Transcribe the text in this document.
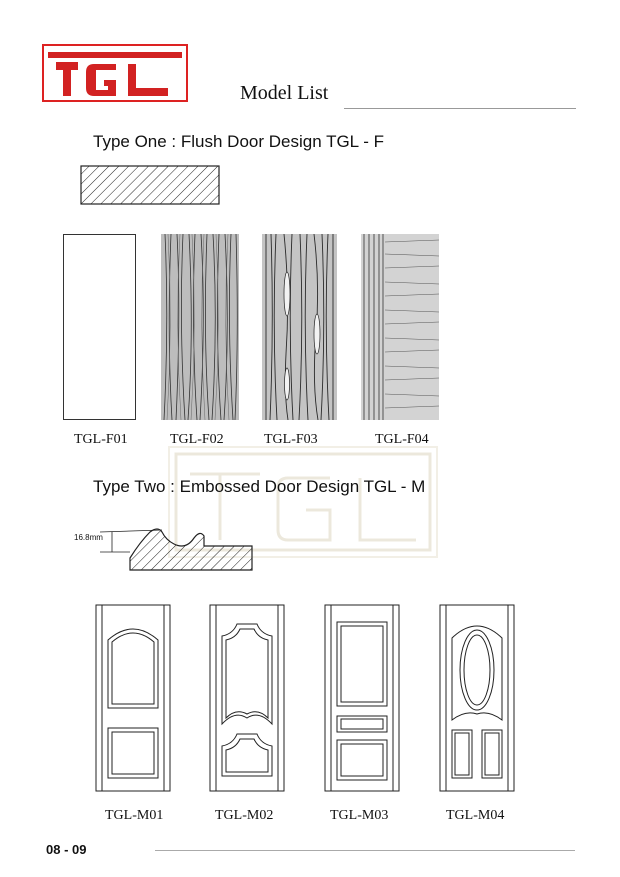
Model List
Type One : Flush Door Design TGL - F
TGL-F01	TGL-F02	TGL-F03	TGL-F04
Type Two : Embossed Door Design TGL - M
16.8mm
TGL-M01	TGL-M02	TGL-M03	TGL-M04
08 - 09
